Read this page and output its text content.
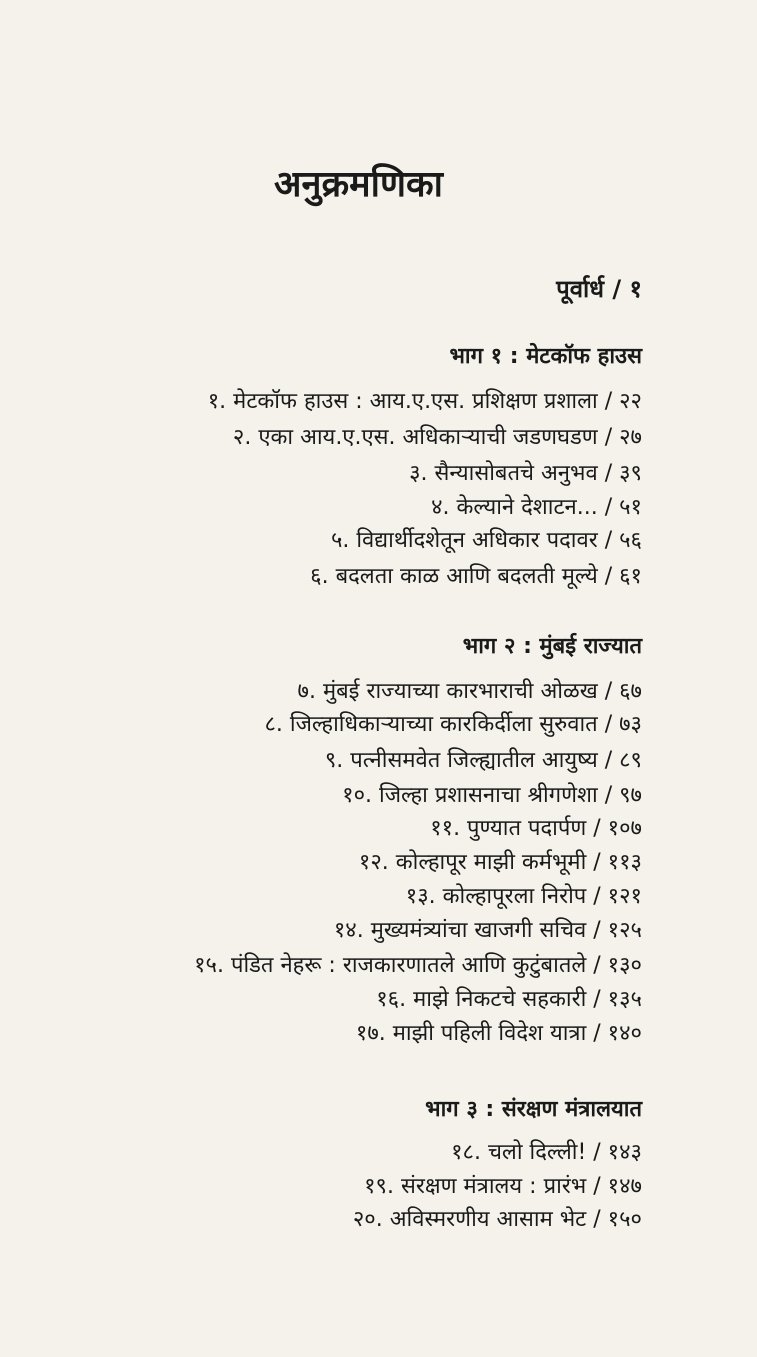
अनुक्रमणिका
पूर्वार्ध / १
भाग १ : मेटकॉफ हाउस
१. मेटकॉफ हाउस : आय.ए.एस. प्रशिक्षण प्रशाला / २२
२. एका आय.ए.एस. अधिकाऱ्याची जडणघडण / २७
३. सैन्यासोबतचे अनुभव / ३९
४. केल्याने देशाटन... / ५१
५. विद्यार्थीदशेतून अधिकार पदावर / ५६
६. बदलता काळ आणि बदलती मूल्ये / ६१
भाग २ : मुंबई राज्यात
७. मुंबई राज्याच्या कारभाराची ओळख / ६७
८. जिल्हाधिकाऱ्याच्या कारकिर्दीला सुरुवात / ७३
९. पत्नीसमवेत जिल्ह्यातील आयुष्य / ८९
१०. जिल्हा प्रशासनाचा श्रीगणेशा / ९७
११. पुण्यात पदार्पण / १०७
१२. कोल्हापूर माझी कर्मभूमी / ११३
१३. कोल्हापूरला निरोप / १२१
१४. मुख्यमंत्र्यांचा खाजगी सचिव / १२५
१५. पंडित नेहरू : राजकारणातले आणि कुटुंबातले / १३०
१६. माझे निकटचे सहकारी / १३५
१७. माझी पहिली विदेश यात्रा / १४०
भाग ३ : संरक्षण मंत्रालयात
१८. चलो दिल्ली! / १४३
१९. संरक्षण मंत्रालय : प्रारंभ / १४७
२०. अविस्मरणीय आसाम भेट / १५०
